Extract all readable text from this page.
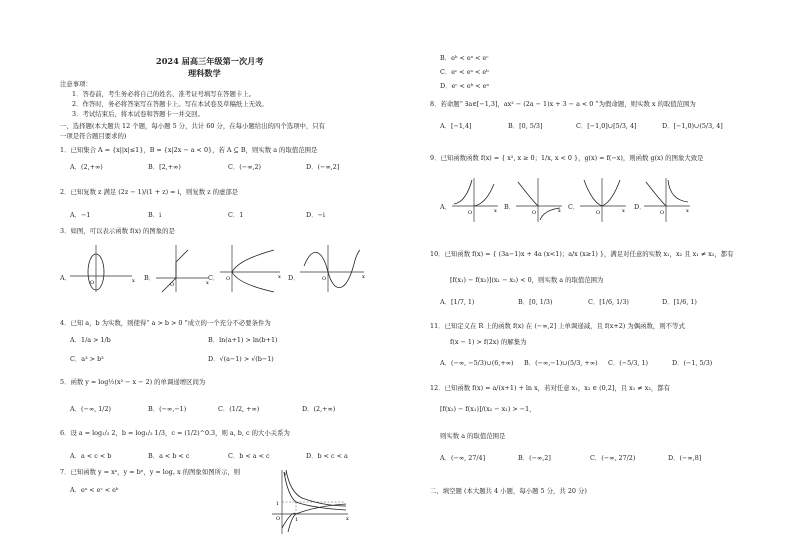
2024 届高三年级第一次月考
理科数学
注意事项：
1．答卷前，考生务必将自己的姓名、准考证号填写在答题卡上。
2．作答时，务必将答案写在答题卡上。写在本试卷及草稿纸上无效。
3．考试结束后，将本试卷和答题卡一并交回。
一、选择题(本大题共 12 个题，每小题 5 分，共计 60 分，在每小题给出的四个选项中，只有
一项是符合题目要求的)
1．已知集合 A = {x||x|≤1}，B = {x|2x − a < 0}，若 A ⊆ B，则实数 a 的取值范围是
A．(2,+∞)	B．[2,+∞)	C．(−∞,2)	D．(−∞,2]
2．已知复数 z 满足 (2z − 1)/(1 + z) = i，则复数 z 的虚部是
A．−1	B．i	C．1	D．−i
3．如图，可以表示函数 f(x) 的图象的是
A．	B．	C．	D．
x
O	x
O
x
O	x
O
4．已知 a，b 为实数，则使得“ a > b > 0 ”成立的一个充分不必要条件为
A．1/a > 1/b	B．ln(a+1) > ln(b+1)
C．a³ > b³	D．√(a−1) > √(b−1)
5．函数 y = log½(x² − x − 2) 的单调递增区间为
A．(−∞, 1/2)	B．(−∞,−1)	C．(1/2, +∞)	D．(2,+∞)
6．设 a = log₁/₃ 2，b = log₁/₂ 1/3，c = (1/2)^0.3，则 a, b, c 的大小关系为
A．a < c < b	B．a < b < c	C．b < a < c	D．b < c < a
7．已知函数 y = xᵃ，y = bˣ，y = log꜀ x 的图象如图所示，则
A．eᵃ < eᶜ < eᵇ
x
y
1
O	1
B．eᵇ < eᵃ < eᶜ
C．eᶜ < eᵃ < eᵇ
D．eᶜ < eᵇ < eᵃ
8．若命题“ ∃a∈[−1,3]，ax² − (2a − 1)x + 3 − a < 0 ”为假命题，则实数 x 的取值范围为
A．[−1,4]	B．[0, 5/3]	C．[−1,0]∪[5/3, 4]	D．[−1,0)∪(5/3, 4]
9．已知函数函数 f(x) = { x², x ≥ 0；1/x, x < 0 }，g(x) = f(−x)，则函数 g(x) 的图象大致是
A．	B．	C．	D．
O	x	O	x	O	x	O	x
10．已知函数 f(x) = { (3a−1)x + 4a (x<1)；a/x (x≥1) }，满足对任意的实数 x₁，x₂ 且 x₁ ≠ x₂，都有
[f(x₁) − f(x₂)](x₁ − x₂) < 0，则实数 a 的取值范围为
A．[1/7, 1)	B．[0, 1/3)	C．[1/6, 1/3)	D．[1/6, 1)
11．已知定义在 R 上的函数 f(x) 在 (−∞,2] 上单调递减，且 f(x+2) 为偶函数，则不等式
f(x − 1) > f(2x) 的解集为
A．(−∞, −5/3)∪(6,+∞) B．(−∞,−1)∪(5/3, +∞) C．(−5/3, 1)	D．(−1, 5/3)
12．已知函数 f(x) = a/(x+1) + ln x，若对任意 x₁，x₂ ∈ (0,2]，且 x₁ ≠ x₂，都有
[f(x₂) − f(x₁)]/(x₂ − x₁) > −1，
则实数 a 的取值范围是
A．(−∞, 27/4]	B．(−∞,2]	C．(−∞, 27/2)	D．(−∞,8]
二、填空题 (本大题共 4 小题，每小题 5 分，共 20 分)
